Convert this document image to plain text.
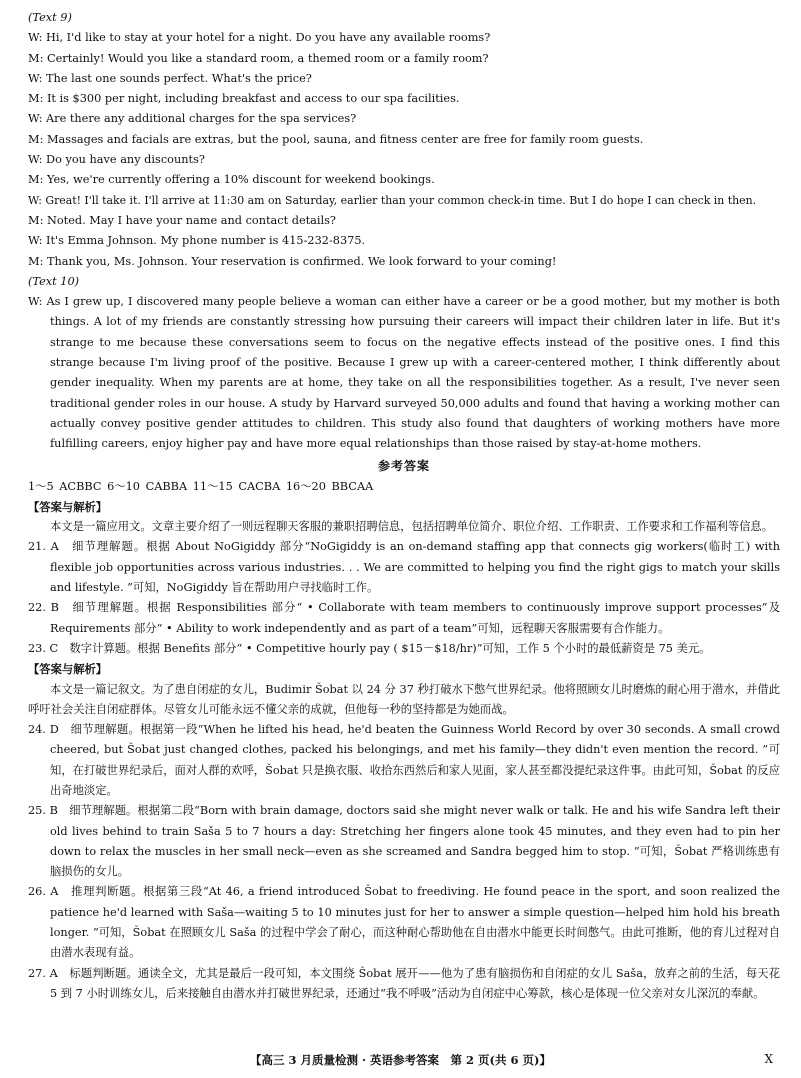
(Text 9)
W: Hi, I'd like to stay at your hotel for a night. Do you have any available rooms?
M: Certainly! Would you like a standard room, a themed room or a family room?
W: The last one sounds perfect. What's the price?
M: It is $300 per night, including breakfast and access to our spa facilities.
W: Are there any additional charges for the spa services?
M: Massages and facials are extras, but the pool, sauna, and fitness center are free for family room guests.
W: Do you have any discounts?
M: Yes, we're currently offering a 10% discount for weekend bookings.
W: Great! I'll take it. I'll arrive at 11:30 am on Saturday, earlier than your common check-in time. But I do hope I can check in then.
M: Noted. May I have your name and contact details?
W: It's Emma Johnson. My phone number is 415-232-8375.
M: Thank you, Ms. Johnson. Your reservation is confirmed. We look forward to your coming!
(Text 10)
W: As I grew up, I discovered many people believe a woman can either have a career or be a good mother, but my mother is both things. A lot of my friends are constantly stressing how pursuing their careers will impact their children later in life. But it's strange to me because these conversations seem to focus on the negative effects instead of the positive ones. I find this strange because I'm living proof of the positive. Because I grew up with a career-centered mother, I think differently about gender inequality. When my parents are at home, they take on all the responsibilities together. As a result, I've never seen traditional gender roles in our house. A study by Harvard surveyed 50,000 adults and found that having a working mother can actually convey positive gender attitudes to children. This study also found that daughters of working mothers have more fulfilling careers, enjoy higher pay and have more equal relationships than those raised by stay-at-home mothers.
参考答案
1～5 ACBBC 6～10 CABBA 11～15 CACBA 16～20 BBCAA
【答案与解析】
本文是一篇应用文。文章主要介绍了一则远程聊天客服的兼职招聘信息，包括招聘单位简介、职位介绍、工作职责、工作要求和工作福利等信息。
21. A　细节理解题。根据 About NoGigiddy 部分“NoGigiddy is an on-demand staffing app that connects gig workers(临时工) with flexible job opportunities across various industries. . . We are committed to helping you find the right gigs to match your skills and lifestyle. ”可知，NoGigiddy 旨在帮助用户寻找临时工作。
22. B　细节理解题。根据 Responsibilities 部分“ • Collaborate with team members to continuously improve support processes”及 Requirements 部分“ • Ability to work independently and as part of a team”可知，远程聊天客服需要有合作能力。
23. C　数字计算题。根据 Benefits 部分“ • Competitive hourly pay ( $15－$18/hr)”可知，工作 5 个小时的最低薪资是 75 美元。
【答案与解析】
本文是一篇记叙文。为了患自闭症的女儿，Budimir Šobat 以 24 分 37 秒打破水下憋气世界纪录。他将照顾女儿时磨炼的耐心用于潜水，并借此呼吁社会关注自闭症群体。尽管女儿可能永远不懂父亲的成就，但他每一秒的坚持都是为她而战。
24. D　细节理解题。根据第一段“When he lifted his head, he'd beaten the Guinness World Record by over 30 seconds. A small crowd cheered, but Šobat just changed clothes, packed his belongings, and met his family—they didn't even mention the record. ”可知，在打破世界纪录后，面对人群的欢呼，Šobat 只是换衣服、收拾东西然后和家人见面，家人甚至都没提纪录这件事。由此可知，Šobat 的反应出奇地淡定。
25. B　细节理解题。根据第二段“Born with brain damage, doctors said she might never walk or talk. He and his wife Sandra left their old lives behind to train Saša 5 to 7 hours a day: Stretching her fingers alone took 45 minutes, and they even had to pin her down to relax the muscles in her small neck—even as she screamed and Sandra begged him to stop. ”可知，Šobat 严格训练患有脑损伤的女儿。
26. A　推理判断题。根据第三段“At 46, a friend introduced Šobat to freediving. He found peace in the sport, and soon realized the patience he'd learned with Saša—waiting 5 to 10 minutes just for her to answer a simple question—helped him hold his breath longer. ”可知，Šobat 在照顾女儿 Saša 的过程中学会了耐心，而这种耐心帮助他在自由潜水中能更长时间憋气。由此可推断，他的育儿过程对自由潜水表现有益。
27. A　标题判断题。通读全文，尤其是最后一段可知，本文围绕 Šobat 展开——他为了患有脑损伤和自闭症的女儿 Saša，放弃之前的生活，每天花 5 到 7 小时训练女儿，后来接触自由潜水并打破世界纪录，还通过“我不呼吸”活动为自闭症中心筹款，核心是体现一位父亲对女儿深沉的奉献。
【高三 3 月质量检测 · 英语参考答案　第 2 页(共 6 页)】	X
